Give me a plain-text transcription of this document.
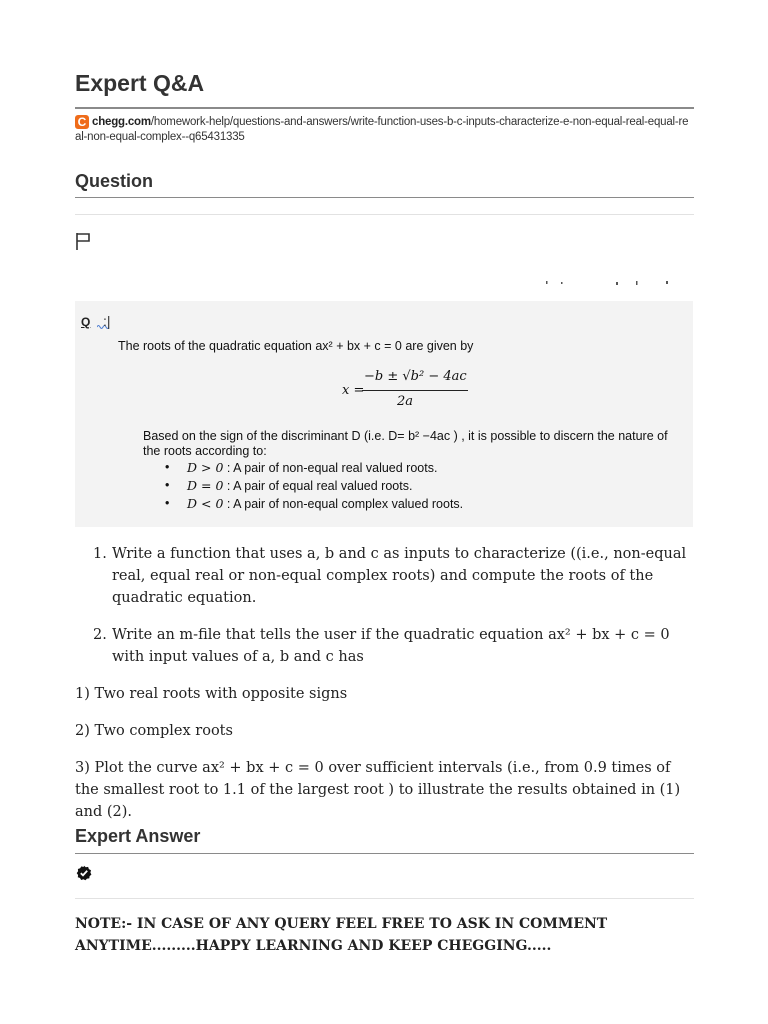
Expert Q&A
C chegg.com/homework-help/questions-and-answers/write-function-uses-b-c-inputs-characterize-e-non-equal-real-equal-real-non-equal-complex--q65431335
Question
Q :|
The roots of the quadratic equation ax² + bx + c = 0 are given by
x =
−b ± √b² − 4ac
2a
Based on the sign of the discriminant D (i.e. D= b² −4ac ) , it is possible to discern the nature of the roots according to:
• D > 0 : A pair of non-equal real valued roots.
• D = 0 : A pair of equal real valued roots.
• D < 0 : A pair of non-equal complex valued roots.
1. Write a function that uses a, b and c as inputs to characterize ((i.e., non-equal real, equal real or non-equal complex roots) and compute the roots of the quadratic equation.
2. Write an m-file that tells the user if the quadratic equation ax² + bx + c = 0 with input values of a, b and c has

1) Two real roots with opposite signs

2) Two complex roots

3) Plot the curve ax² + bx + c = 0 over sufficient intervals (i.e., from 0.9 times of the smallest root to 1.1 of the largest root ) to illustrate the results obtained in (1) and (2).

Expert Answer

NOTE:- IN CASE OF ANY QUERY FEEL FREE TO ASK IN COMMENT ANYTIME.........HAPPY LEARNING AND KEEP CHEGGING.....
